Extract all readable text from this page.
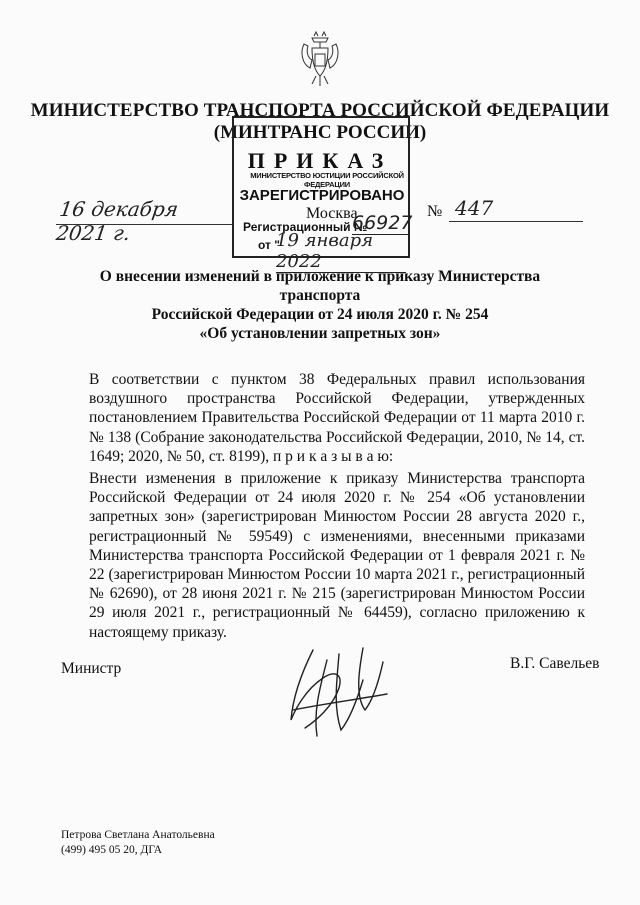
МИНИСТЕРСТВО ТРАНСПОРТА РОССИЙСКОЙ ФЕДЕРАЦИИ
(МИНТРАНС РОССИИ)
ПРИКАЗ
МИНИСТЕРСТВО ЮСТИЦИИ РОССИЙСКОЙ ФЕДЕРАЦИИ
ЗАРЕГИСТРИРОВАНО
Регистрационный №
66927
от "
19 января 2022
16 декабря 2021 г.
Москва	№ 447
О внесении изменений в приложение к приказу Министерства транспорта
Российской Федерации от 24 июля 2020 г. № 254
«Об установлении запретных зон»
В соответствии с пунктом 38 Федеральных правил использования воздушного пространства Российской Федерации, утвержденных постановлением Правительства Российской Федерации от 11 марта 2010 г. № 138 (Собрание законодательства Российской Федерации, 2010, № 14, ст. 1649; 2020, № 50, ст. 8199), п р и к а з ы в а ю:
Внести изменения в приложение к приказу Министерства транспорта Российской Федерации от 24 июля 2020 г. № 254 «Об установлении запретных зон» (зарегистрирован Минюстом России 28 августа 2020 г., регистрационный № 59549) с изменениями, внесенными приказами Министерства транспорта Российской Федерации от 1 февраля 2021 г. № 22 (зарегистрирован Минюстом России 10 марта 2021 г., регистрационный № 62690), от 28 июня 2021 г. № 215 (зарегистрирован Минюстом России 29 июля 2021 г., регистрационный № 64459), согласно приложению к настоящему приказу.
Министр	В.Г. Савельев
Петрова Светлана Анатольевна
(499) 495 05 20, ДГА
